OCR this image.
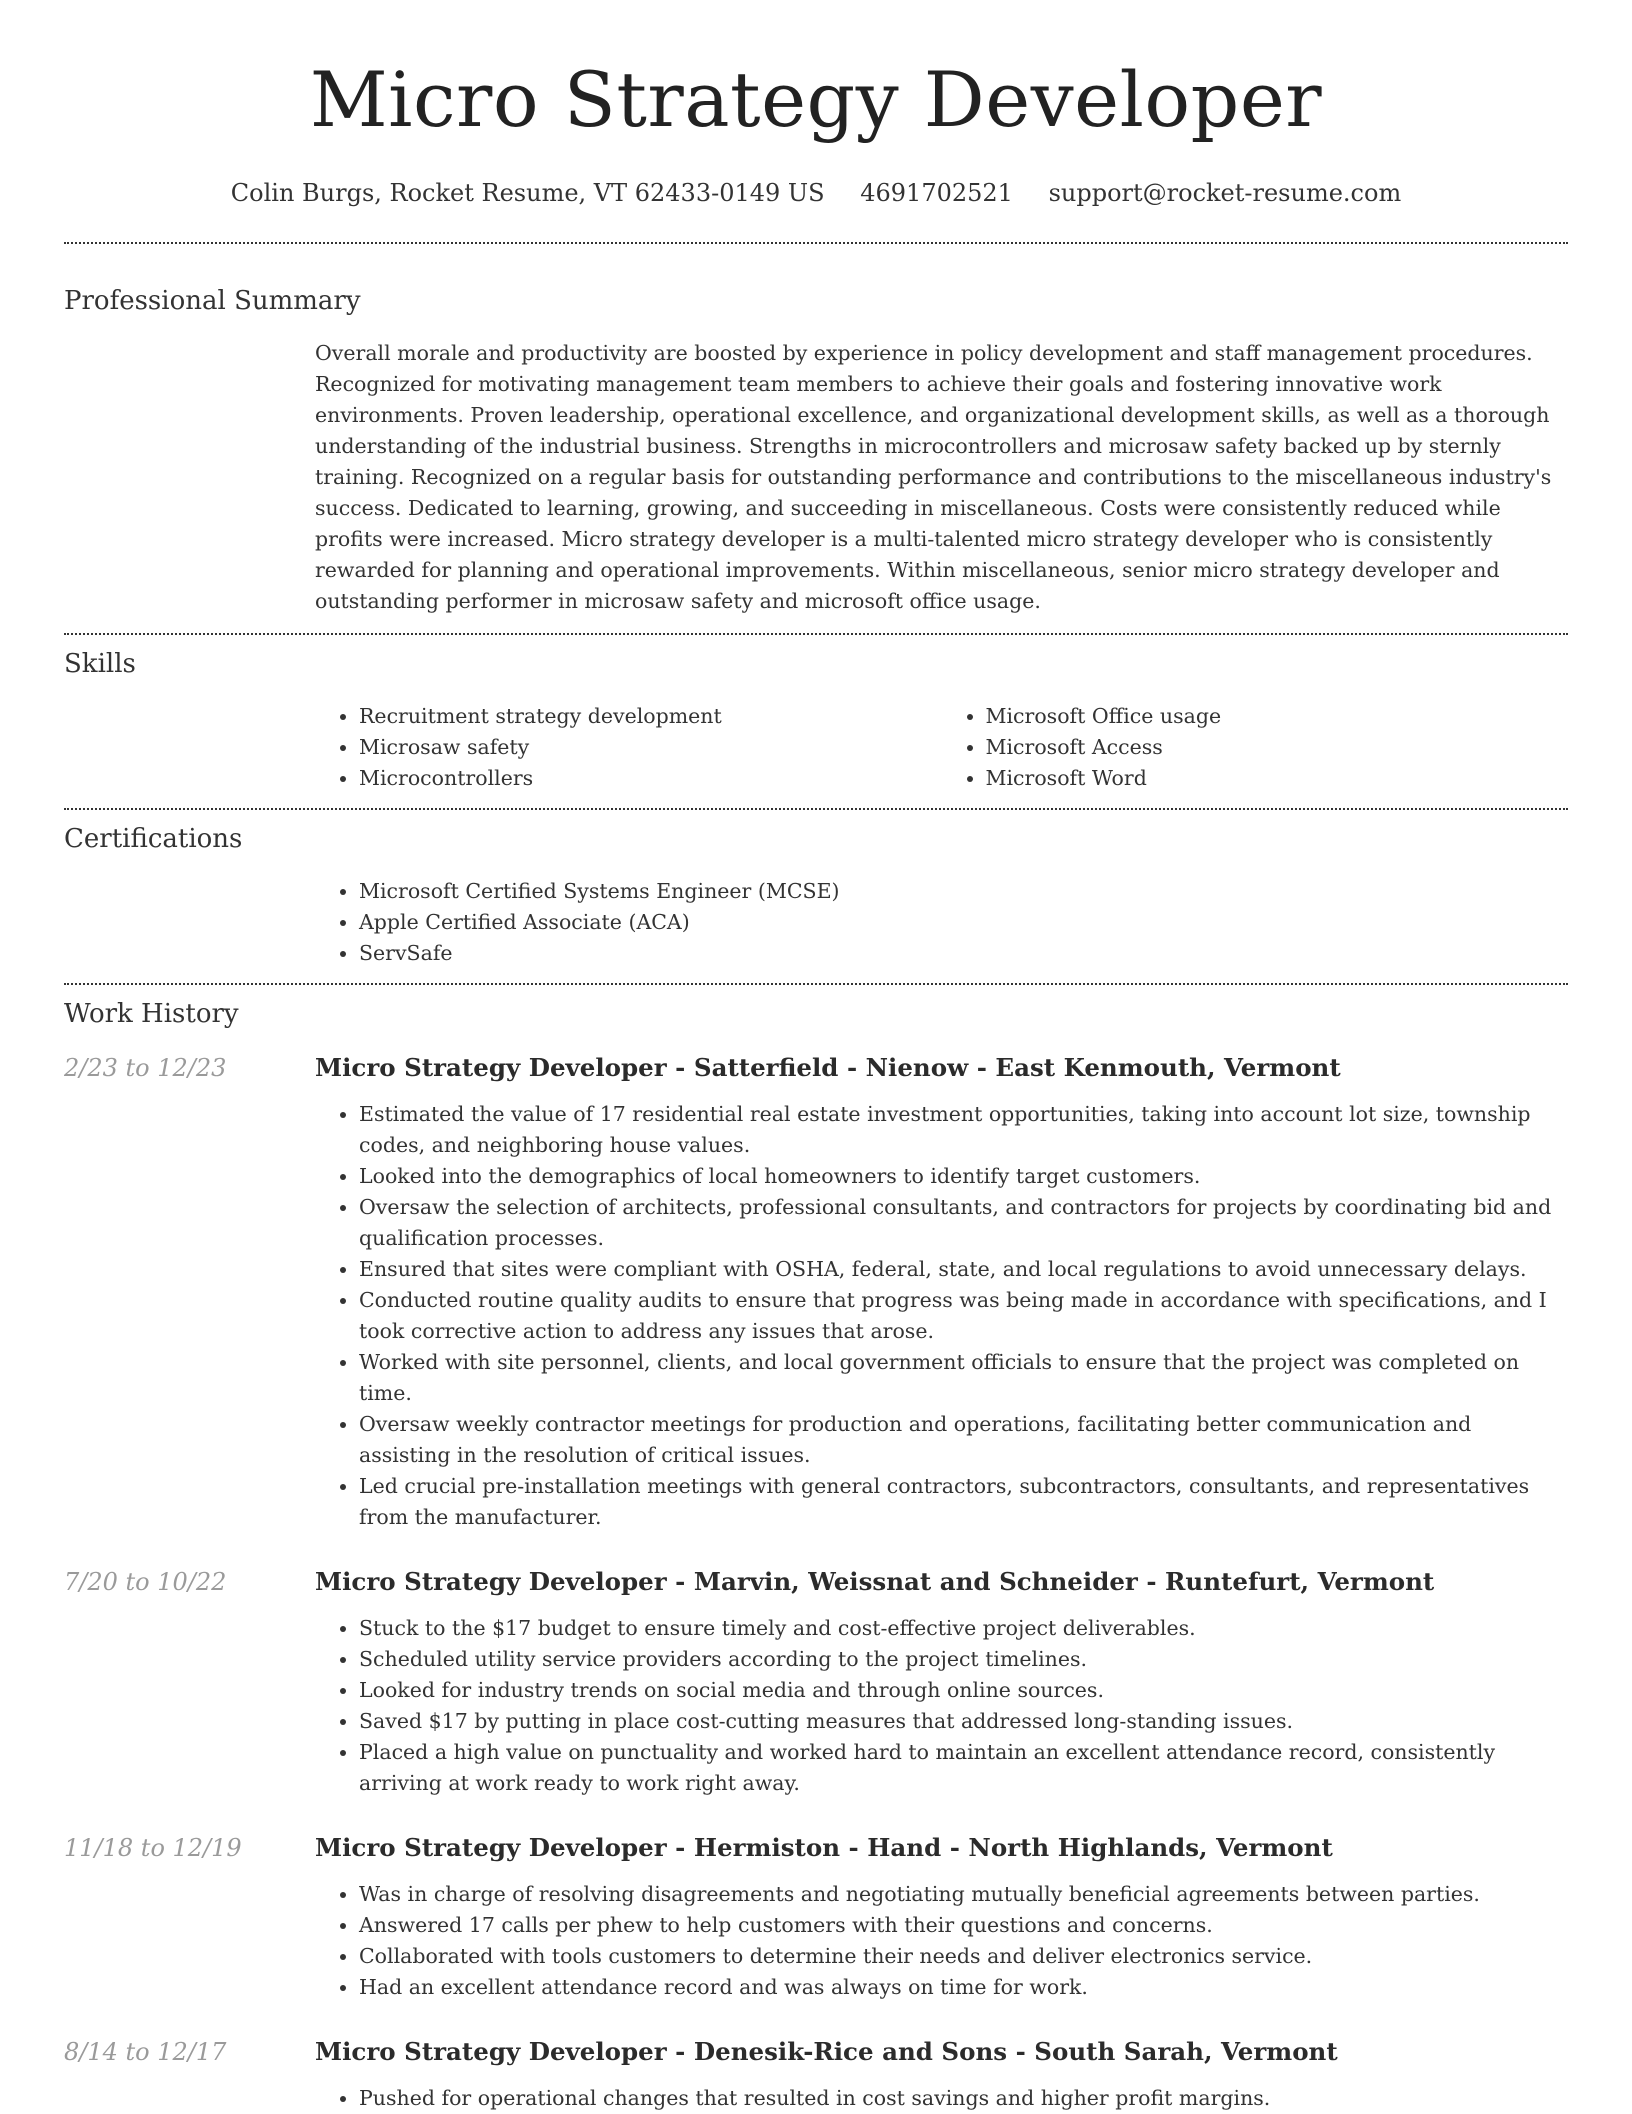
Micro Strategy Developer
Colin Burgs, Rocket Resume, VT 62433-0149 US 4691702521 support@rocket-resume.com
Professional Summary

Overall morale and productivity are boosted by experience in policy development and staff management procedures. Recognized for motivating management team members to achieve their goals and fostering innovative work environments. Proven leadership, operational excellence, and organizational development skills, as well as a thorough understanding of the industrial business. Strengths in microcontrollers and microsaw safety backed up by sternly training. Recognized on a regular basis for outstanding performance and contributions to the miscellaneous industry's success. Dedicated to learning, growing, and succeeding in miscellaneous. Costs were consistently reduced while profits were increased. Micro strategy developer is a multi-talented micro strategy developer who is consistently rewarded for planning and operational improvements. Within miscellaneous, senior micro strategy developer and outstanding performer in microsaw safety and microsoft office usage.

Skills
• Recruitment strategy development
• Microsaw safety
• Microcontrollers
• Microsoft Office usage
• Microsoft Access
• Microsoft Word
Certifications
• Microsoft Certified Systems Engineer (MCSE)
• Apple Certified Associate (ACA)
• ServSafe
Work History
2/23 to 12/23	Micro Strategy Developer - Satterfield - Nienow - East Kenmouth, Vermont
• Estimated the value of 17 residential real estate investment opportunities, taking into account lot size, township codes, and neighboring house values.
• Looked into the demographics of local homeowners to identify target customers.
• Oversaw the selection of architects, professional consultants, and contractors for projects by coordinating bid and qualification processes.
• Ensured that sites were compliant with OSHA, federal, state, and local regulations to avoid unnecessary delays.
• Conducted routine quality audits to ensure that progress was being made in accordance with specifications, and I took corrective action to address any issues that arose.
• Worked with site personnel, clients, and local government officials to ensure that the project was completed on time.
• Oversaw weekly contractor meetings for production and operations, facilitating better communication and assisting in the resolution of critical issues.
• Led crucial pre-installation meetings with general contractors, subcontractors, consultants, and representatives from the manufacturer.
7/20 to 10/22	Micro Strategy Developer - Marvin, Weissnat and Schneider - Runtefurt, Vermont
• Stuck to the $17 budget to ensure timely and cost-effective project deliverables.
• Scheduled utility service providers according to the project timelines.
• Looked for industry trends on social media and through online sources.
• Saved $17 by putting in place cost-cutting measures that addressed long-standing issues.
• Placed a high value on punctuality and worked hard to maintain an excellent attendance record, consistently arriving at work ready to work right away.
11/18 to 12/19	Micro Strategy Developer - Hermiston - Hand - North Highlands, Vermont
• Was in charge of resolving disagreements and negotiating mutually beneficial agreements between parties.
• Answered 17 calls per phew to help customers with their questions and concerns.
• Collaborated with tools customers to determine their needs and deliver electronics service.
• Had an excellent attendance record and was always on time for work.
8/14 to 12/17	Micro Strategy Developer - Denesik-Rice and Sons - South Sarah, Vermont
• Pushed for operational changes that resulted in cost savings and higher profit margins.
